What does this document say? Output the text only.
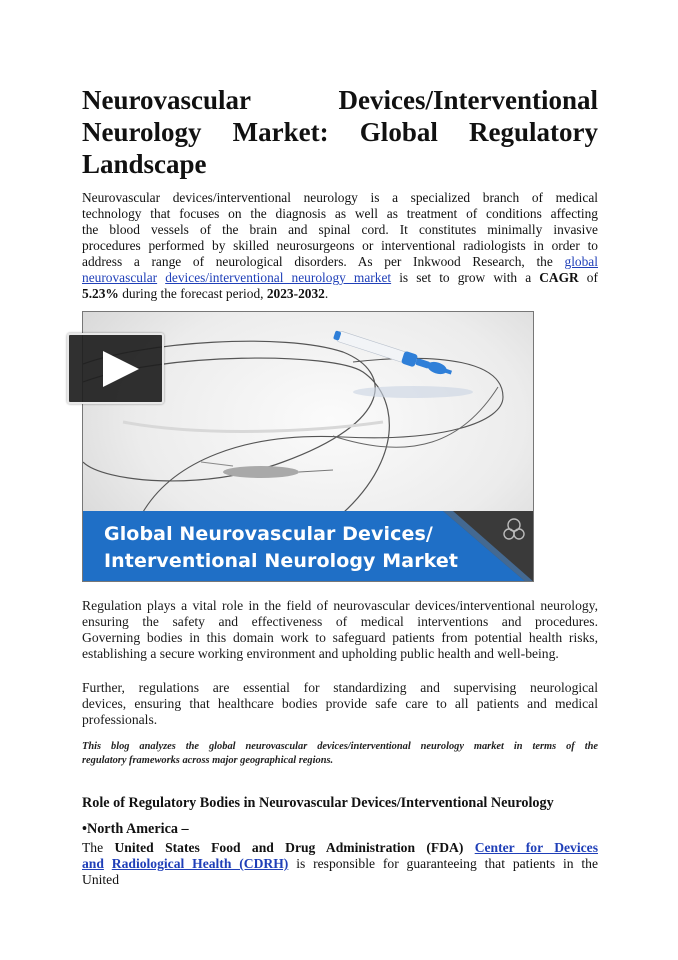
Neurovascular Devices/Interventional
Neurology Market: Global Regulatory
Landscape
Neurovascular devices/interventional neurology is a specialized branch of medical
technology that focuses on the diagnosis as well as treatment of conditions affecting
the blood vessels of the brain and spinal cord. It constitutes minimally invasive
procedures performed by skilled neurosurgeons or interventional radiologists in order to
address a range of neurological disorders. As per Inkwood Research, the global
neurovascular devices/interventional neurology market is set to grow with a CAGR of
5.23% during the forecast period, 2023-2032.
Global Neurovascular Devices/
Interventional Neurology Market
Regulation plays a vital role in the field of neurovascular devices/interventional neurology,
ensuring the safety and effectiveness of medical interventions and procedures.
Governing bodies in this domain work to safeguard patients from potential health risks,
establishing a secure working environment and upholding public health and well-being.
Further, regulations are essential for standardizing and supervising neurological
devices, ensuring that healthcare bodies provide safe care to all patients and medical
professionals.
This blog analyzes the global neurovascular devices/interventional neurology market in terms of the
regulatory frameworks across major geographical regions.
Role of Regulatory Bodies in Neurovascular Devices/Interventional Neurology
•North America –
The United States Food and Drug Administration (FDA) Center for Devices
and Radiological Health (CDRH) is responsible for guaranteeing that patients in the
United
